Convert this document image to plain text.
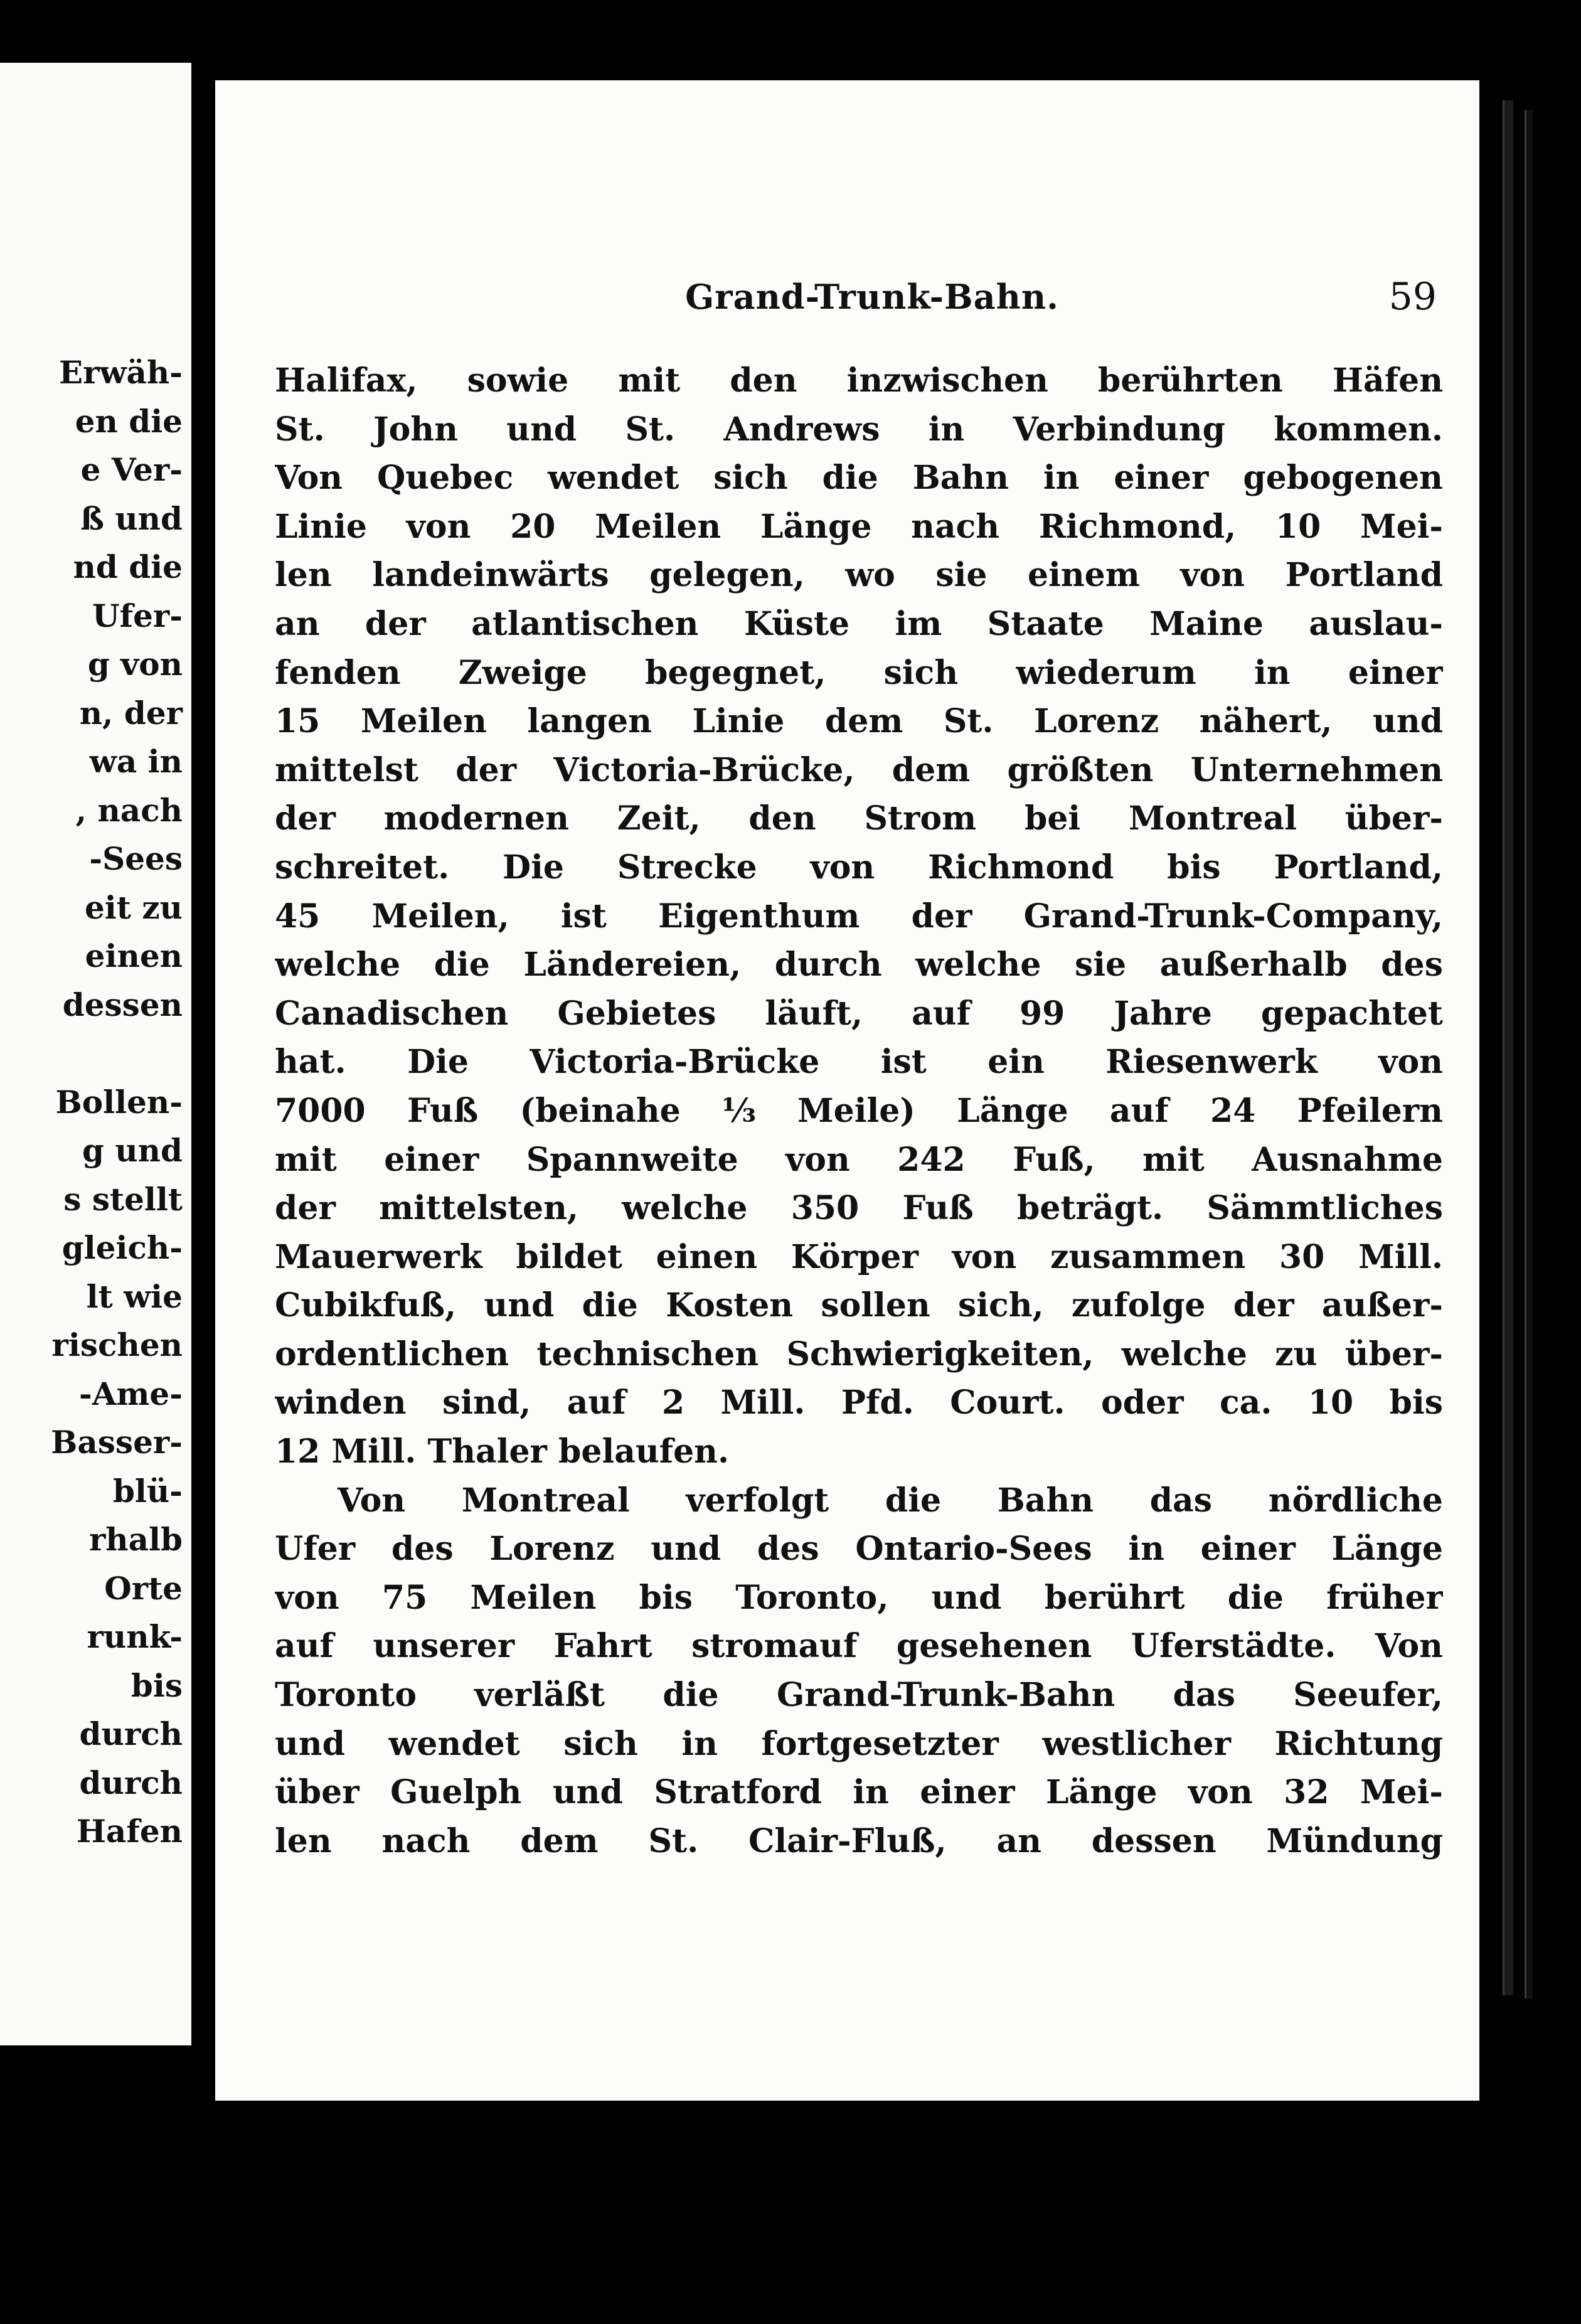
Erwäh-
en die
e Ver-
ß und
nd die
Ufer-
g von
n, der
wa in
, nach
-Sees
eit zu
einen
dessen
Bollen-
g und
s stellt
gleich-
lt wie
rischen
-Ame-
Basser-
blü-
rhalb
Orte
runk-
bis
durch
durch
Hafen
Grand-Trunk-Bahn.	59
Halifax, sowie mit den inzwischen berührten Häfen
St. John und St. Andrews in Verbindung kommen.
Von Quebec wendet sich die Bahn in einer gebogenen
Linie von 20 Meilen Länge nach Richmond, 10 Mei-
len landeinwärts gelegen, wo sie einem von Portland
an der atlantischen Küste im Staate Maine auslau-
fenden Zweige begegnet, sich wiederum in einer
15 Meilen langen Linie dem St. Lorenz nähert, und
mittelst der Victoria-Brücke, dem größten Unternehmen
der modernen Zeit, den Strom bei Montreal über-
schreitet. Die Strecke von Richmond bis Portland,
45 Meilen, ist Eigenthum der Grand-Trunk-Company,
welche die Ländereien, durch welche sie außerhalb des
Canadischen Gebietes läuft, auf 99 Jahre gepachtet
hat. Die Victoria-Brücke ist ein Riesenwerk von
7000 Fuß (beinahe ⅓ Meile) Länge auf 24 Pfeilern
mit einer Spannweite von 242 Fuß, mit Ausnahme
der mittelsten, welche 350 Fuß beträgt. Sämmtliches
Mauerwerk bildet einen Körper von zusammen 30 Mill.
Cubikfuß, und die Kosten sollen sich, zufolge der außer-
ordentlichen technischen Schwierigkeiten, welche zu über-
winden sind, auf 2 Mill. Pfd. Court. oder ca. 10 bis
12 Mill. Thaler belaufen.
Von Montreal verfolgt die Bahn das nördliche
Ufer des Lorenz und des Ontario-Sees in einer Länge
von 75 Meilen bis Toronto, und berührt die früher
auf unserer Fahrt stromauf gesehenen Uferstädte. Von
Toronto verläßt die Grand-Trunk-Bahn das Seeufer,
und wendet sich in fortgesetzter westlicher Richtung
über Guelph und Stratford in einer Länge von 32 Mei-
len nach dem St. Clair-Fluß, an dessen Mündung
